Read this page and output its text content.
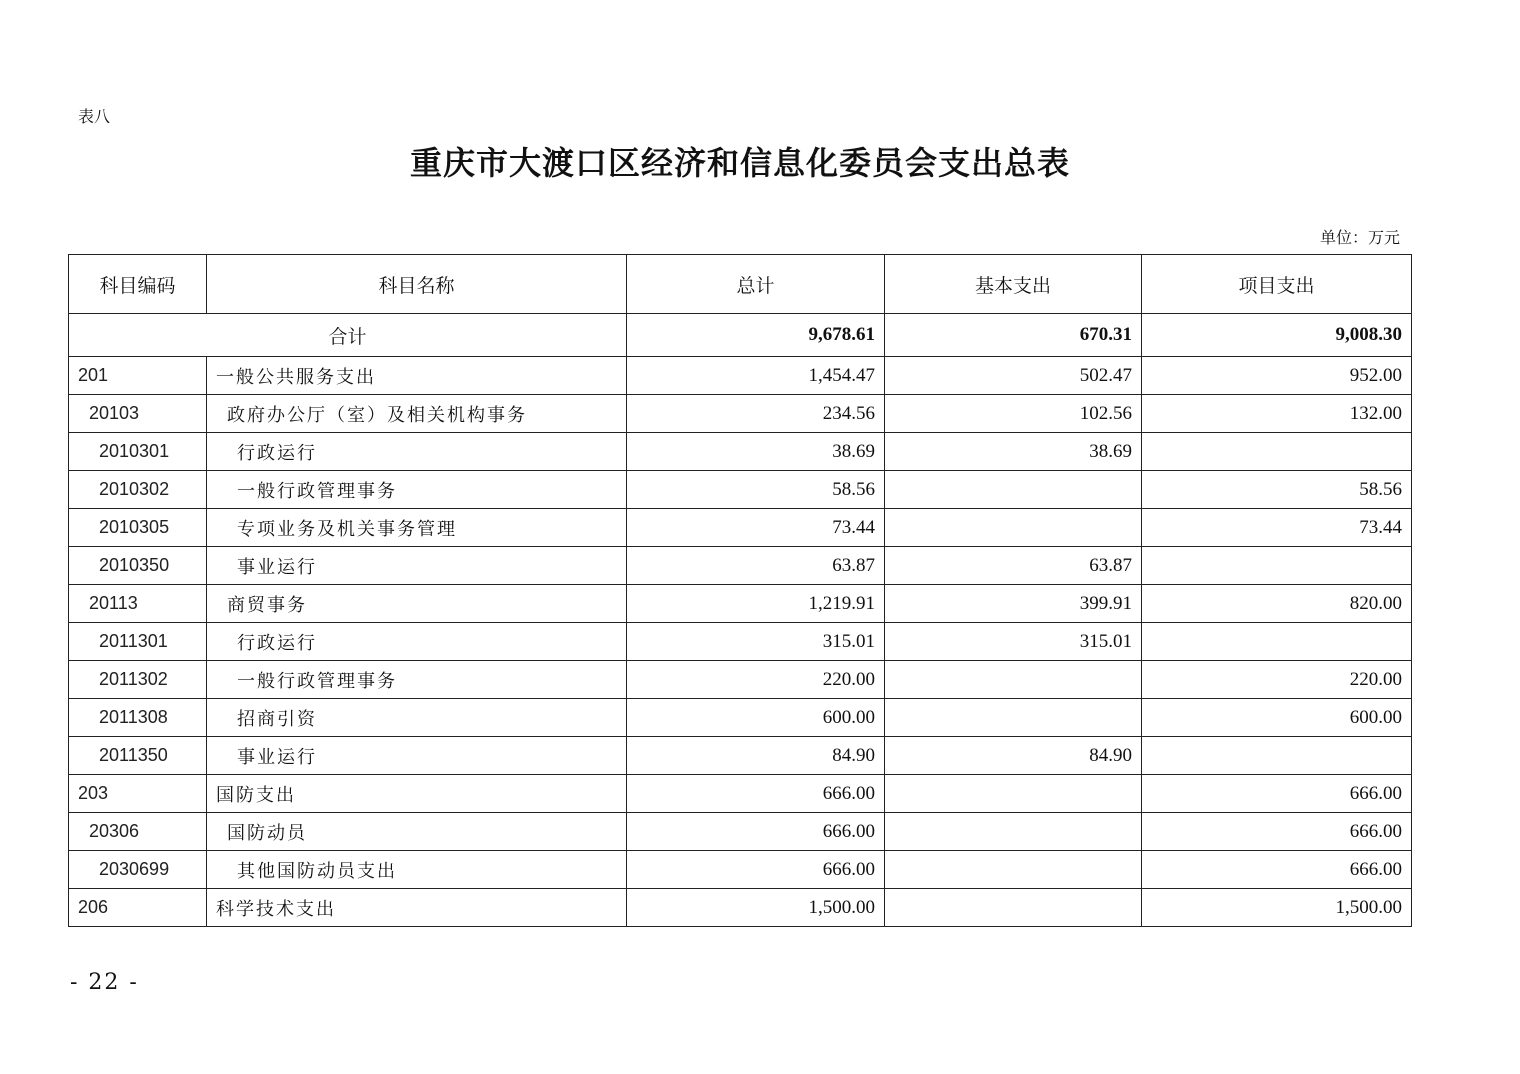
表八
重庆市大渡口区经济和信息化委员会支出总表
单位：万元
科目编码	科目名称	总计	基本支出	项目支出
合计		9,678.61	670.31	9,008.30
201	一般公共服务支出	1,454.47	502.47	952.00
20103	政府办公厅（室）及相关机构事务	234.56	102.56	132.00
2010301	行政运行	38.69	38.69	
2010302	一般行政管理事务	58.56		58.56
2010305	专项业务及机关事务管理	73.44		73.44
2010350	事业运行	63.87	63.87	
20113	商贸事务	1,219.91	399.91	820.00
2011301	行政运行	315.01	315.01	
2011302	一般行政管理事务	220.00		220.00
2011308	招商引资	600.00		600.00
2011350	事业运行	84.90	84.90	
203	国防支出	666.00		666.00
20306	国防动员	666.00		666.00
2030699	其他国防动员支出	666.00		666.00
206	科学技术支出	1,500.00		1,500.00
- 22 -
